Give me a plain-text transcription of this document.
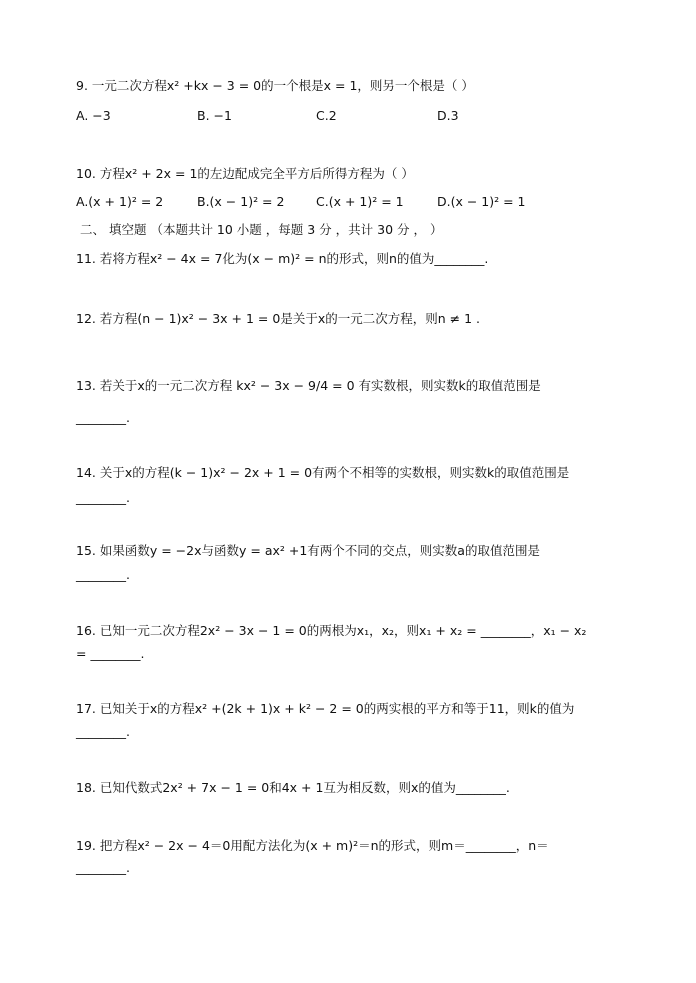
9. 一元二次方程x² +kx − 3 = 0的一个根是x = 1，则另一个根是（ ）
A. −3	B. −1	C.2	D.3
10. 方程x² + 2x = 1的左边配成完全平方后所得方程为（ ）
A.(x + 1)² = 2	B.(x − 1)² = 2	C.(x + 1)² = 1	D.(x − 1)² = 1
二、 填空题 （本题共计 10 小题 ，每题 3 分 ，共计 30 分 ， ）
11. 若将方程x² − 4x = 7化为(x − m)² = n的形式，则n的值为________.
12. 若方程(n − 1)x² − 3x + 1 = 0是关于x的一元二次方程，则n ≠ 1 .
13. 若关于x的一元二次方程 kx² − 3x − 9/4 = 0 有实数根，则实数k的取值范围是
________.
14. 关于x的方程(k − 1)x² − 2x + 1 = 0有两个不相等的实数根，则实数k的取值范围是
________.
15. 如果函数y = −2x与函数y = ax² +1有两个不同的交点，则实数a的取值范围是
________.
16. 已知一元二次方程2x² − 3x − 1 = 0的两根为x₁，x₂，则x₁ + x₂ = ________，x₁ − x₂
= ________.
17. 已知关于x的方程x² +(2k + 1)x + k² − 2 = 0的两实根的平方和等于11，则k的值为
________.
18. 已知代数式2x² + 7x − 1 = 0和4x + 1互为相反数，则x的值为________.
19. 把方程x² − 2x − 4＝0用配方法化为(x + m)²＝n的形式，则m＝________，n＝
________.
